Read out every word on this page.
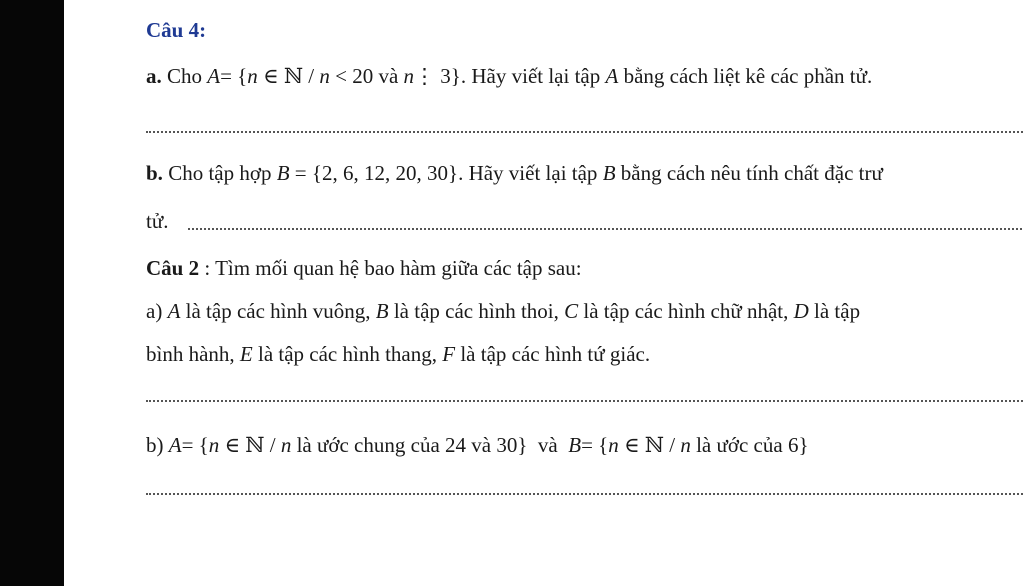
Câu 4:
a. Cho A= {n ∈ ℕ / n < 20 và n⋮ 3}. Hãy viết lại tập A bằng cách liệt kê các phần tử.
b. Cho tập hợp B = {2, 6, 12, 20, 30}. Hãy viết lại tập B bằng cách nêu tính chất đặc trư
tử.
Câu 2 : Tìm mối quan hệ bao hàm giữa các tập sau:
a) A là tập các hình vuông, B là tập các hình thoi, C là tập các hình chữ nhật, D là tập
bình hành, E là tập các hình thang, F là tập các hình tứ giác.
b) A= {n ∈ ℕ / n là ước chung của 24 và 30} và B= {n ∈ ℕ / n là ước của 6}
